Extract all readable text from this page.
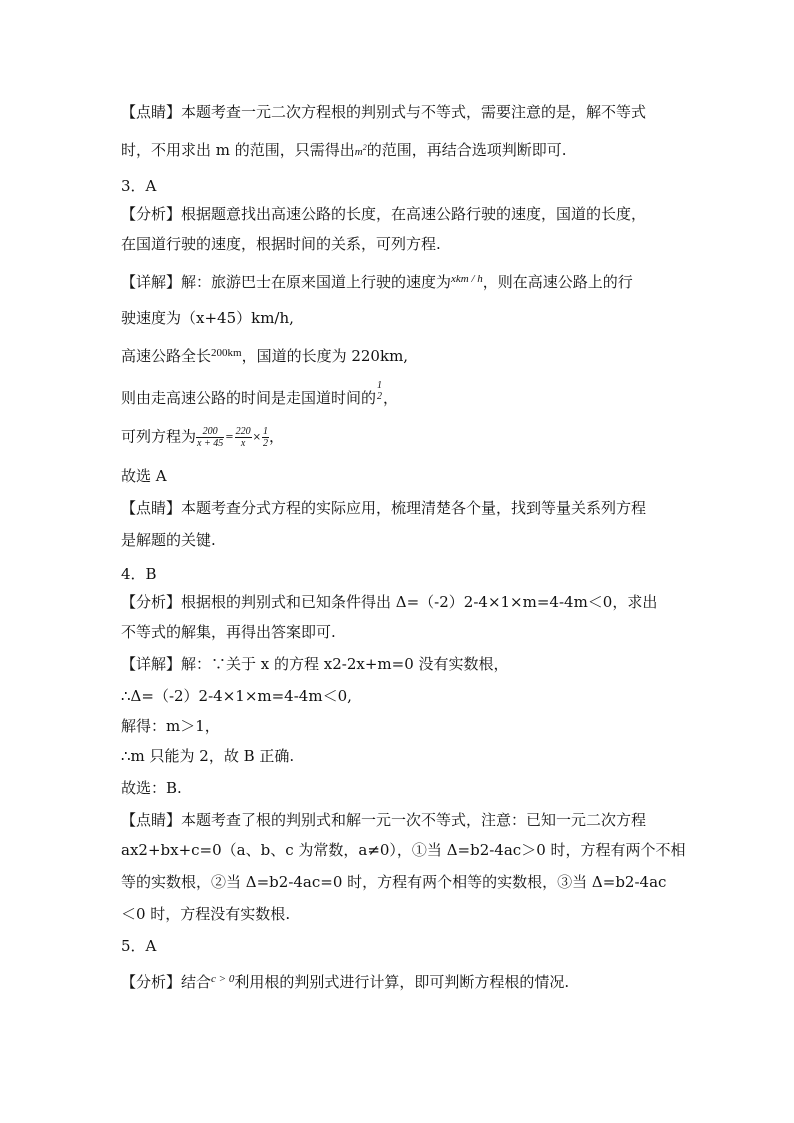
【点睛】本题考查一元二次方程根的判别式与不等式，需要注意的是，解不等式
时，不用求出 m 的范围，只需得出$m^2$的范围，再结合选项判断即可.
3．A
【分析】根据题意找出高速公路的长度，在高速公路行驶的速度，国道的长度，
在国道行驶的速度，根据时间的关系，可列方程.
【详解】解：旅游巴士在原来国道上行驶的速度为$^{xkm / h}$，则在高速公路上的行
驶速度为（x+45）km/h,
高速公路全长$^{200km}$，国道的长度为 220km,
则由走高速公路的时间是走国道时间的
1
2 ，
可列方程为 $\frac{200}{x + 45} = \frac{220}{x} \times \frac{1}{2}$ ，
故选 A
【点睛】本题考查分式方程的实际应用，梳理清楚各个量，找到等量关系列方程
是解题的关键.
4．B
【分析】根据根的判别式和已知条件得出 Δ=（-2）2-4×1×m=4-4m＜0，求出
不等式的解集，再得出答案即可.
【详解】解：∵关于 x 的方程 x2-2x+m=0 没有实数根，
∴Δ=（-2）2-4×1×m=4-4m＜0,
解得：m＞1，
∴m 只能为 2，故 B 正确.
故选：B.
【点睛】本题考查了根的判别式和解一元一次不等式，注意：已知一元二次方程
ax2+bx+c=0（a、b、c 为常数，a≠0），①当 Δ=b2-4ac＞0 时，方程有两个不相
等的实数根，②当 Δ=b2-4ac=0 时，方程有两个相等的实数根，③当 Δ=b2-4ac
＜0 时，方程没有实数根.
5．A
【分析】结合$^{c > 0}$利用根的判别式进行计算，即可判断方程根的情况.
